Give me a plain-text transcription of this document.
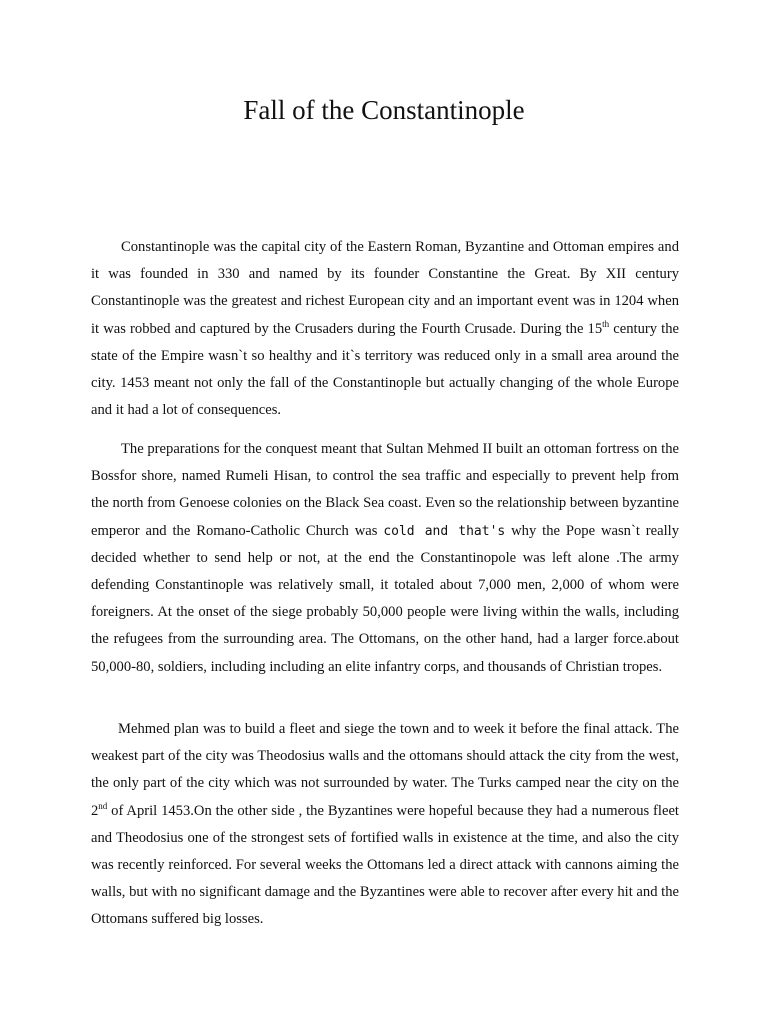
Fall of the Constantinople

Constantinople was the capital city of the Eastern Roman, Byzantine and Ottoman empires and it was founded in 330 and named by its founder Constantine the Great. By XII century Constantinople was the greatest and richest European city and an important event was in 1204 when it was robbed and captured by the Crusaders during the Fourth Crusade. During the 15th century the state of the Empire wasn`t so healthy and it`s territory was reduced only in a small area around the city. 1453 meant not only the fall of the Constantinople but actually changing of the whole Europe and it had a lot of consequences.

The preparations for the conquest meant that Sultan Mehmed II built an ottoman fortress on the Bossfor shore, named Rumeli Hisan, to control the sea traffic and especially to prevent help from the north from Genoese colonies on the Black Sea coast. Even so the relationship between byzantine emperor and the Romano-Catholic Church was cold and that's why the Pope wasn`t really decided whether to send help or not, at the end the Constantinopole was left alone .The army defending Constantinople was relatively small, it totaled about 7,000 men, 2,000 of whom were foreigners. At the onset of the siege probably 50,000 people were living within the walls, including the refugees from the surrounding area. The Ottomans, on the other hand, had a larger force.about 50,000-80, soldiers, including including an elite infantry corps, and thousands of Christian tropes.

Mehmed plan was to build a fleet and siege the town and to week it before the final attack. The weakest part of the city was Theodosius walls and the ottomans should attack the city from the west, the only part of the city which was not surrounded by water. The Turks camped near the city on the 2nd of April 1453.On the other side , the Byzantines were hopeful because they had a numerous fleet and Theodosius one of the strongest sets of fortified walls in existence at the time, and also the city was recently reinforced. For several weeks the Ottomans led a direct attack with cannons aiming the walls, but with no significant damage and the Byzantines were able to recover after every hit and the Ottomans suffered big losses.
